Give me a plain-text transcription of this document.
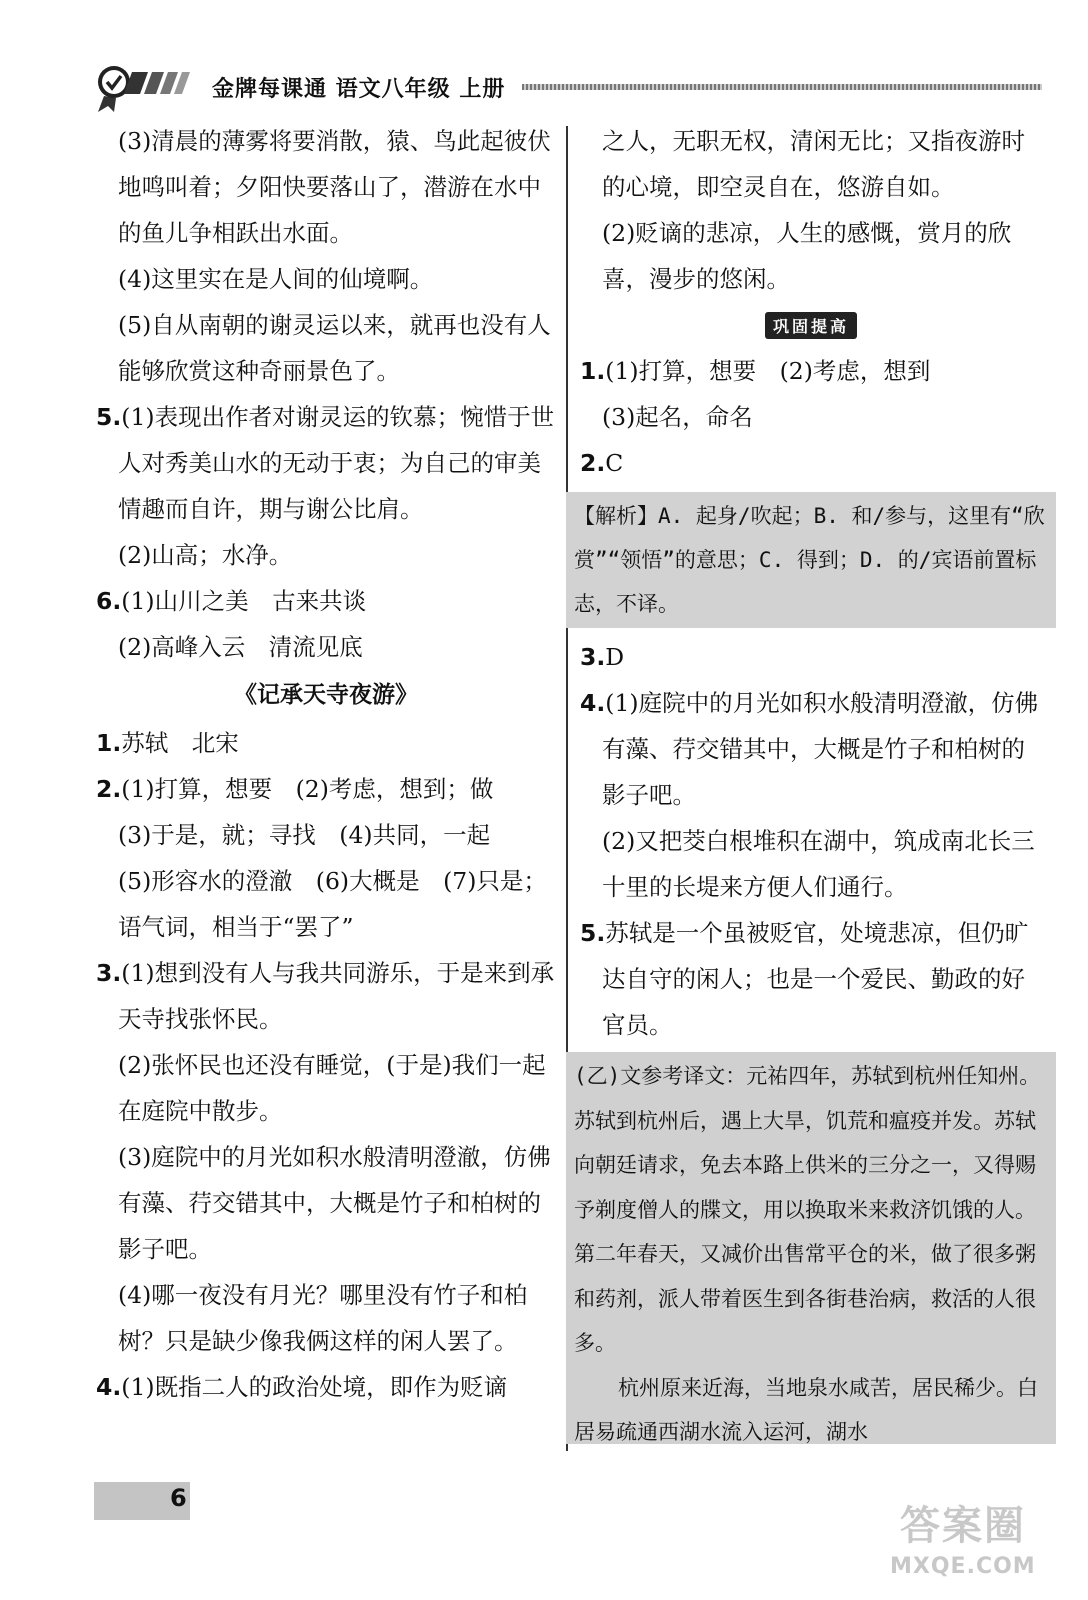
金牌每课通 语文八年级 上册

(3)清晨的薄雾将要消散，猿、鸟此起彼伏地鸣叫着；夕阳快要落山了，潜游在水中的鱼儿争相跃出水面。

(4)这里实在是人间的仙境啊。

(5)自从南朝的谢灵运以来，就再也没有人能够欣赏这种奇丽景色了。

5.(1)表现出作者对谢灵运的钦慕；惋惜于世人对秀美山水的无动于衷；为自己的审美情趣而自许，期与谢公比肩。

(2)山高；水净。

6.(1)山川之美　古来共谈

(2)高峰入云　清流见底

《记承天寺夜游》

1.苏轼　北宋

2.(1)打算，想要　(2)考虑，想到；做

(3)于是，就；寻找　(4)共同，一起

(5)形容水的澄澈　(6)大概是　(7)只是；语气词，相当于“罢了”

3.(1)想到没有人与我共同游乐，于是来到承天寺找张怀民。

(2)张怀民也还没有睡觉，(于是)我们一起在庭院中散步。

(3)庭院中的月光如积水般清明澄澈，仿佛有藻、荇交错其中，大概是竹子和柏树的影子吧。

(4)哪一夜没有月光？哪里没有竹子和柏树？只是缺少像我俩这样的闲人罢了。

4.(1)既指二人的政治处境，即作为贬谪

之人，无职无权，清闲无比；又指夜游时的心境，即空灵自在，悠游自如。

(2)贬谪的悲凉，人生的感慨，赏月的欣喜，漫步的悠闲。

巩固提高

1.(1)打算，想要　(2)考虑，想到

(3)起名，命名

2.C

【解析】A. 起身/吹起；B. 和/参与，这里有“欣赏”“领悟”的意思；C. 得到；D. 的/宾语前置标志，不译。

3.D

4.(1)庭院中的月光如积水般清明澄澈，仿佛有藻、荇交错其中，大概是竹子和柏树的影子吧。

(2)又把茭白根堆积在湖中，筑成南北长三十里的长堤来方便人们通行。

5.苏轼是一个虽被贬官，处境悲凉，但仍旷达自守的闲人；也是一个爱民、勤政的好官员。

(乙)文参考译文：元祐四年，苏轼到杭州任知州。苏轼到杭州后，遇上大旱，饥荒和瘟疫并发。苏轼向朝廷请求，免去本路上供米的三分之一，又得赐予剃度僧人的牒文，用以换取米来救济饥饿的人。第二年春天，又减价出售常平仓的米，做了很多粥和药剂，派人带着医生到各街巷治病，救活的人很多。

杭州原来近海，当地泉水咸苦，居民稀少。白居易疏通西湖水流入运河，湖水

6
答案圈
MXQE.COM
